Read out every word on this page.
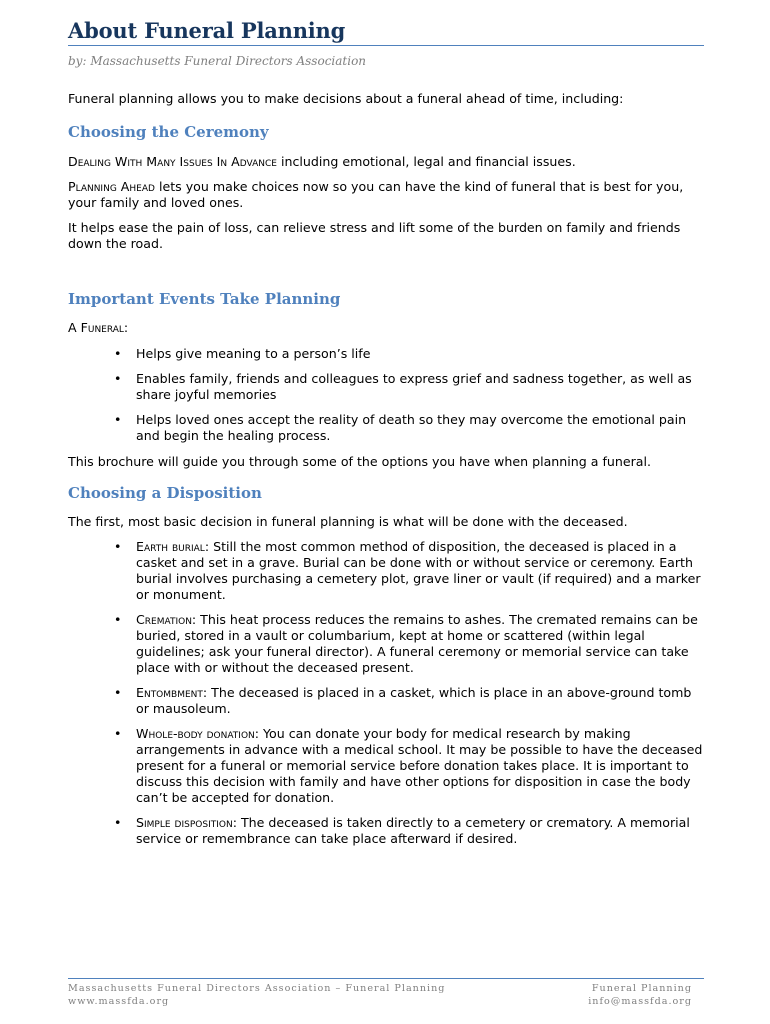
About Funeral Planning
by: Massachusetts Funeral Directors Association

Funeral planning allows you to make decisions about a funeral ahead of time, including:

Choosing the Ceremony

Dealing With Many Issues In Advance including emotional, legal and financial issues.

Planning Ahead lets you make choices now so you can have the kind of funeral that is best for you, your family and loved ones.

It helps ease the pain of loss, can relieve stress and lift some of the burden on family and friends down the road.

Important Events Take Planning

A Funeral:

• Helps give meaning to a person’s life
• Enables family, friends and colleagues to express grief and sadness together, as well as share joyful memories
• Helps loved ones accept the reality of death so they may overcome the emotional pain and begin the healing process.

This brochure will guide you through some of the options you have when planning a funeral.

Choosing a Disposition

The first, most basic decision in funeral planning is what will be done with the deceased.

• Earth burial: Still the most common method of disposition, the deceased is placed in a casket and set in a grave. Burial can be done with or without service or ceremony. Earth burial involves purchasing a cemetery plot, grave liner or vault (if required) and a marker or monument.
• Cremation: This heat process reduces the remains to ashes. The cremated remains can be buried, stored in a vault or columbarium, kept at home or scattered (within legal guidelines; ask your funeral director). A funeral ceremony or memorial service can take place with or without the deceased present.
• Entombment: The deceased is placed in a casket, which is place in an above-ground tomb or mausoleum.
• Whole-body donation: You can donate your body for medical research by making arrangements in advance with a medical school. It may be possible to have the deceased present for a funeral or memorial service before donation takes place. It is important to discuss this decision with family and have other options for disposition in case the body can’t be accepted for donation.
• Simple disposition: The deceased is taken directly to a cemetery or crematory. A memorial service or remembrance can take place afterward if desired.
Massachusetts Funeral Directors Association – Funeral Planning
www.massfda.org
Funeral Planning
info@massfda.org
